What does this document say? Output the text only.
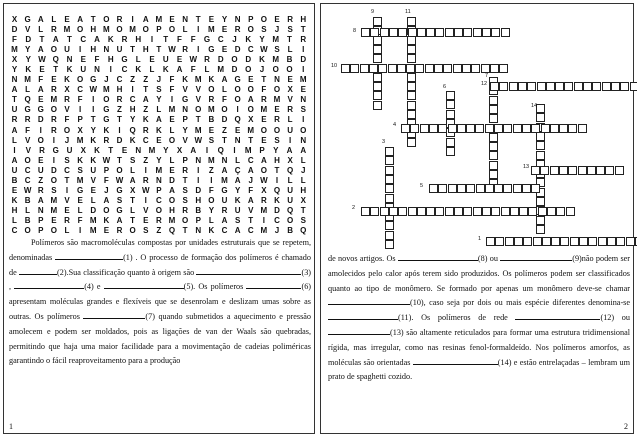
X G A L	E A T O R	I	A M E N T	E Y N P O E R H
D V	L R M O H M O M O P O L	I	M E R O S	J	S	T
F	D	T	A	T	C A K R H	I	T	F	F	G C	J	K	Y M T	R
M Y A O U	I	H N U T H T W R	I	G E D C W S	L	I
X	Y W Q N	E	F	H G	L	E	U	E W R D O D K M B D
Y	K	E	T	K U N	I	C K	L	K A	F	L M D O	J	O O	I
N M F	E K O G J	C Z	Z	J	F K M K A G E	T N E M
A L A R X C W M H	I	T	S	F	V V O L O O F O X E
T Q E M R F	I	O R C A Y	I	G V R F O A R M V N
U G G O V	I	I	G Z H Z	L M N O M O	I	O M E R S
R R D R F	P	T G T	Y K A E P	T B D Q X E R L	I
A F	I	R O X Y K	I	Q R K L	Y M E	Z	E M O O U O
L	V O	I	J M K R D K C E O V W S	T N T	E S	I	N
I	V	R G U	X	K	T	E	N M Y	X	A	I	Q	I	M P	Y	A A
A O E	I	S K K W T	S	Z	Y	L	P N M N L C A H X	L
U C U D C S U P O L	I	M E R	I	Z A Ç A O T Q J
B C Z O T M V	F W A R N D T	I	I	M A	J W	I	L	L
E W R S	I	G E	J G X W P A S D F G Y	F	X Q U H
K B A M V E	L A S	T	I	C O S H O U K A R K U X
H L N M E	L D O G L	V O H R B Y R U V M D Q T
L B P E R F M K A T	E R M O P	L A S	T	I	C O S
C O P O L	I	M E R O S	Z Q T N K C A C M J	B Q
Polímeros são macromoléculas compostas por unidades estruturais que se repetem, denominadas	(1) . O processo de formação dos polímeros é chamado de	(2).Sua classificação quanto à origem são	(3) ,	(4) e	(5). Os polímeros	(6) apresentam moléculas grandes e flexíveis que se desenrolam e deslizam umas sobre as outras. Os polímeros	(7) quando submetidos a aquecimento e pressão amolecem e podem ser moldados, pois as ligações de van der Waals são quebradas, permitindo que haja uma maior facilidade para a movimentação de cadeias poliméricas garantindo o fácil reaproveitamento para a produção
1
9	11
8
10
7
12
6
14
4
3
13
5
2
1
de novos artigos. Os	(8) ou	(9)não podem ser amolecidos pelo calor após terem sido produzidos. Os polímeros podem ser classificados quanto ao tipo de monômero. Se formado por apenas um monômero deve-se chamar (10), caso seja por dois ou mais espécie diferentes denomina-se (11). Os polímeros de rede	(12) ou (13) são altamente reticulados para formar uma estrutura tridimensional rígida, mas irregular, como nas resinas fenol-formaldeído. Nos polímeros amorfos, as moléculas são orientadas	(14) e estão entrelaçadas – lembram um prato de spaghetti cozido.
2
